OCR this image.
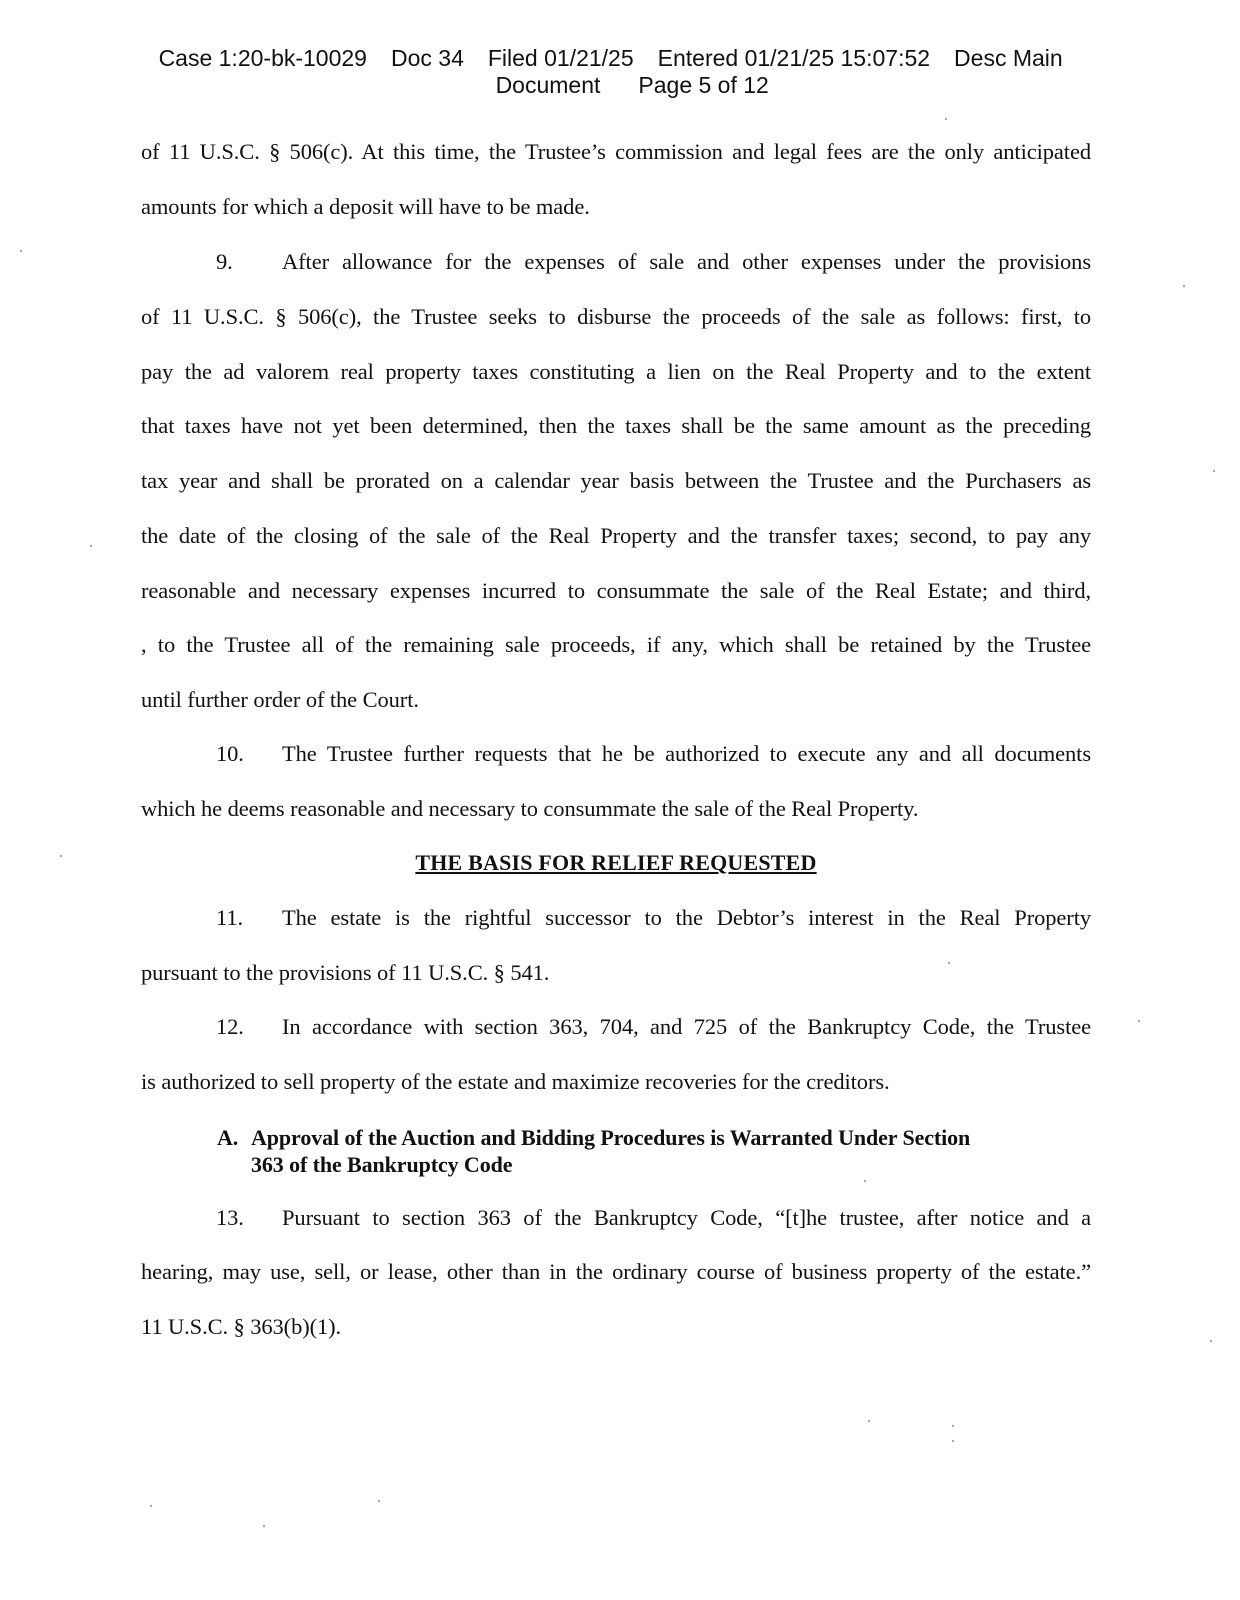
Case 1:20-bk-10029 Doc 34 Filed 01/21/25 Entered 01/21/25 15:07:52 Desc Main

Document Page 5 of 12

of 11 U.S.C. § 506(c). At this time, the Trustee’s commission and legal fees are the only anticipated
amounts for which a deposit will have to be made.
9. After allowance for the expenses of sale and other expenses under the provisions
of 11 U.S.C. § 506(c), the Trustee seeks to disburse the proceeds of the sale as follows: first, to
pay the ad valorem real property taxes constituting a lien on the Real Property and to the extent
that taxes have not yet been determined, then the taxes shall be the same amount as the preceding
tax year and shall be prorated on a calendar year basis between the Trustee and the Purchasers as
the date of the closing of the sale of the Real Property and the transfer taxes; second, to pay any
reasonable and necessary expenses incurred to consummate the sale of the Real Estate; and third,
, to the Trustee all of the remaining sale proceeds, if any, which shall be retained by the Trustee
until further order of the Court.
10. The Trustee further requests that he be authorized to execute any and all documents
which he deems reasonable and necessary to consummate the sale of the Real Property.
THE BASIS FOR RELIEF REQUESTED
11. The estate is the rightful successor to the Debtor’s interest in the Real Property
pursuant to the provisions of 11 U.S.C. § 541.
12. In accordance with section 363, 704, and 725 of the Bankruptcy Code, the Trustee
is authorized to sell property of the estate and maximize recoveries for the creditors.
A. Approval of the Auction and Bidding Procedures is Warranted Under Section
363 of the Bankruptcy Code
13. Pursuant to section 363 of the Bankruptcy Code, “[t]he trustee, after notice and a
hearing, may use, sell, or lease, other than in the ordinary course of business property of the estate.”
11 U.S.C. § 363(b)(1).
